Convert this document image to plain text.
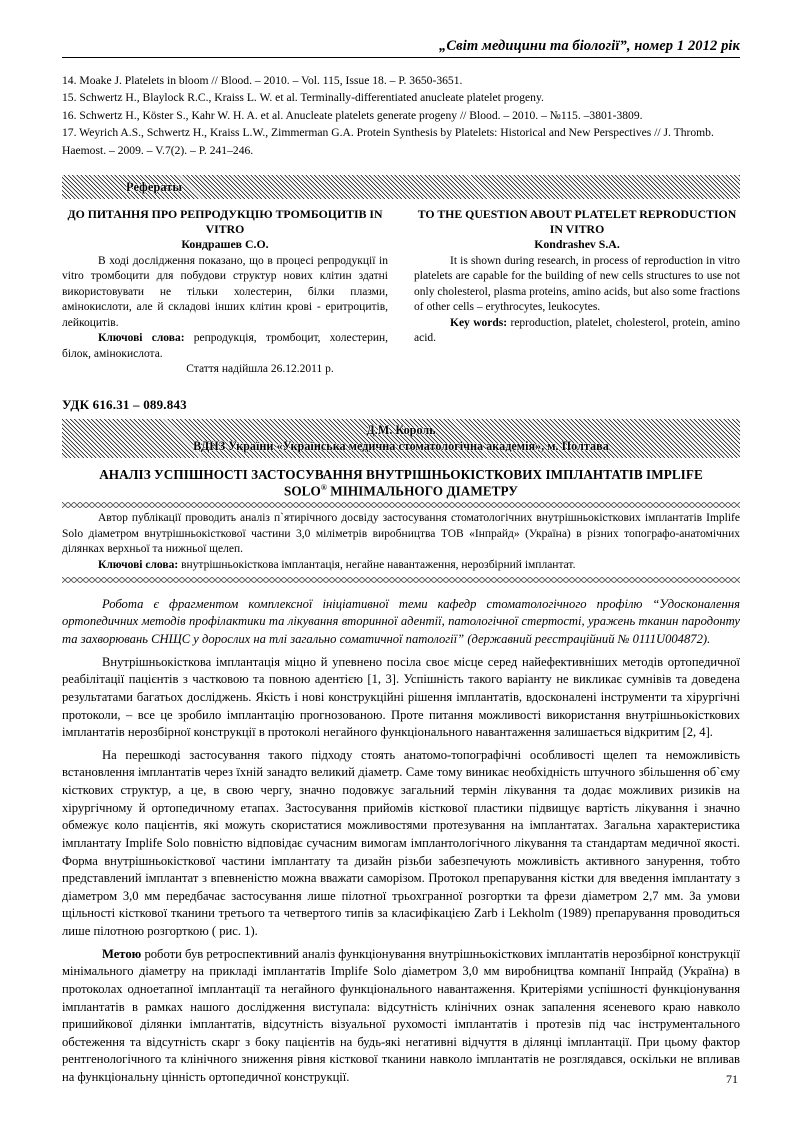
„Світ медицини та біології”, номер 1 2012 рік
14. Moake J. Platelets in bloom // Blood. – 2010. – Vol. 115, Issue 18. – P. 3650-3651.
15. Schwertz H., Blaylock R.C., Kraiss L. W. et al. Terminally-differentiated anucleate platelet progeny.
16. Schwertz H., Köster S., Kahr W. H. A. et al. Anucleate platelets generate progeny // Blood. – 2010. – №115. –3801-3809.
17. Weyrich A.S., Schwertz H., Kraiss L.W., Zimmerman G.A. Protein Synthesis by Platelets: Historical and New Perspectives // J. Thromb. Haemost. – 2009. – V.7(2). – P. 241–246.
Рефераты
ДО ПИТАННЯ ПРО РЕПРОДУКЦІЮ ТРОМБОЦИТІВ IN VITRO
Кондрашев С.О.
В ході дослідження показано, що в процесі репродукції in vitro тромбоцити для побудови структур нових клітин здатні використовувати не тільки холестерин, білки плазми, амінокислоти, але й складові інших клітин крові - еритроцитів, лейкоцитів.
Ключові слова: репродукція, тромбоцит, холестерин, білок, амінокислота.
Стаття надійшла 26.12.2011 р.
TO THE QUESTION ABOUT PLATELET REPRODUCTION IN VITRO
Kondrashev S.A.
It is shown during research, in process of reproduction in vitro platelets are capable for the building of new cells structures to use not only cholesterol, plasma proteins, amino acids, but also some fractions of other cells – erythrocytes, leukocytes.
Key words: reproduction, platelet, cholesterol, protein, amino acid.
УДК 616.31 – 089.843
Д.М. Король
ВДНЗ України «Українська медична стоматологічна академія», м. Полтава
АНАЛІЗ УСПІШНОСТІ ЗАСТОСУВАННЯ ВНУТРІШНЬОКІСТКОВИХ ІМПЛАНТАТІВ IMPLIFE
SOLO® МІНІМАЛЬНОГО ДІАМЕТРУ
Автор публікації проводить аналіз п`ятирічного досвіду застосування стоматологічних внутрішньокісткових імплантатів Implife Solo діаметром внутрішньокісткової частини 3,0 міліметрів виробництва ТОВ «Інпрайд» (Україна) в різних топографо-анатомічних ділянках верхньої та нижньої щелеп.
Ключові слова: внутрішньокісткова імплантація, негайне навантаження, нерозбірний імплантат.
Робота є фрагментом комплексної ініціативної теми кафедр стоматологічного профілю “Удосконалення ортопедичних методів профілактики та лікування вторинної адентії, патологічної стертості, уражень тканин пародонту та захворювань СНЩС у дорослих на тлі загально соматичної патології” (державний реєстраційний № 0111U004872).
Внутрішньокісткова імплантація міцно й упевнено посіла своє місце серед найефективніших методів ортопедичної реабілітації пацієнтів з частковою та повною адентією [1, 3]. Успішність такого варіанту не викликає сумнівів та доведена результатами багатьох досліджень. Якість і нові конструкційні рішення імплантатів, вдосконалені інструменти та хірургічні протоколи, – все це зробило імплантацію прогнозованою. Проте питання можливості використання внутрішньокісткових імплантатів нерозбірної конструкції в протоколі негайного функціонального навантаження залишається відкритим [2, 4].
На перешкоді застосування такого підходу стоять анатомо-топографічні особливості щелеп та неможливість встановлення імплантатів через їхній занадто великий діаметр. Саме тому виникає необхідність штучного збільшення об`єму кісткових структур, а це, в свою чергу, значно подовжує загальний термін лікування та додає можливих ризиків на хірургічному й ортопедичному етапах. Застосування прийомів кісткової пластики підвищує вартість лікування і значно обмежує коло пацієнтів, які можуть скористатися можливостями протезування на імплантатах. Загальна характеристика імплантату Implife Solo повністю відповідає сучасним вимогам імплантологічного лікування та стандартам медичної якості. Форма внутрішньокісткової частини імплантату та дизайн різьби забезпечують можливість активного занурення, тобто представлений імплантат з впевненістю можна вважати саморізом. Протокол препарування кістки для введення імплантату з діаметром 3,0 мм передбачає застосування лише пілотної трьохгранної розгортки та фрези діаметром 2,7 мм. За умови щільності кісткової тканини третього та четвертого типів за класифікацією Zarb i Lekholm (1989) препарування проводиться лише пілотною розгорткою ( рис. 1).
Метою роботи був ретроспективний аналіз функціонування внутрішньокісткових імплантатів нерозбірної конструкції мінімального діаметру на прикладі імплантатів Implife Solo діаметром 3,0 мм виробництва компанії Інпрайд (Україна) в протоколах одноетапної імплантації та негайного функціонального навантаження. Критеріями успішності функціонування імплантатів в рамках нашого дослідження виступала: відсутність клінічних ознак запалення ясеневого краю навколо пришийкової ділянки імплантатів, відсутність візуальної рухомості імплантатів і протезів під час інструментального обстеження та відсутність скарг з боку пацієнтів на будь-які негативні відчуття в ділянці імплантації. При цьому фактор рентгенологічного та клінічного зниження рівня кісткової тканини навколо імплантатів не розглядався, оскільки не впливав на функціональну цінність ортопедичної конструкції.	71
